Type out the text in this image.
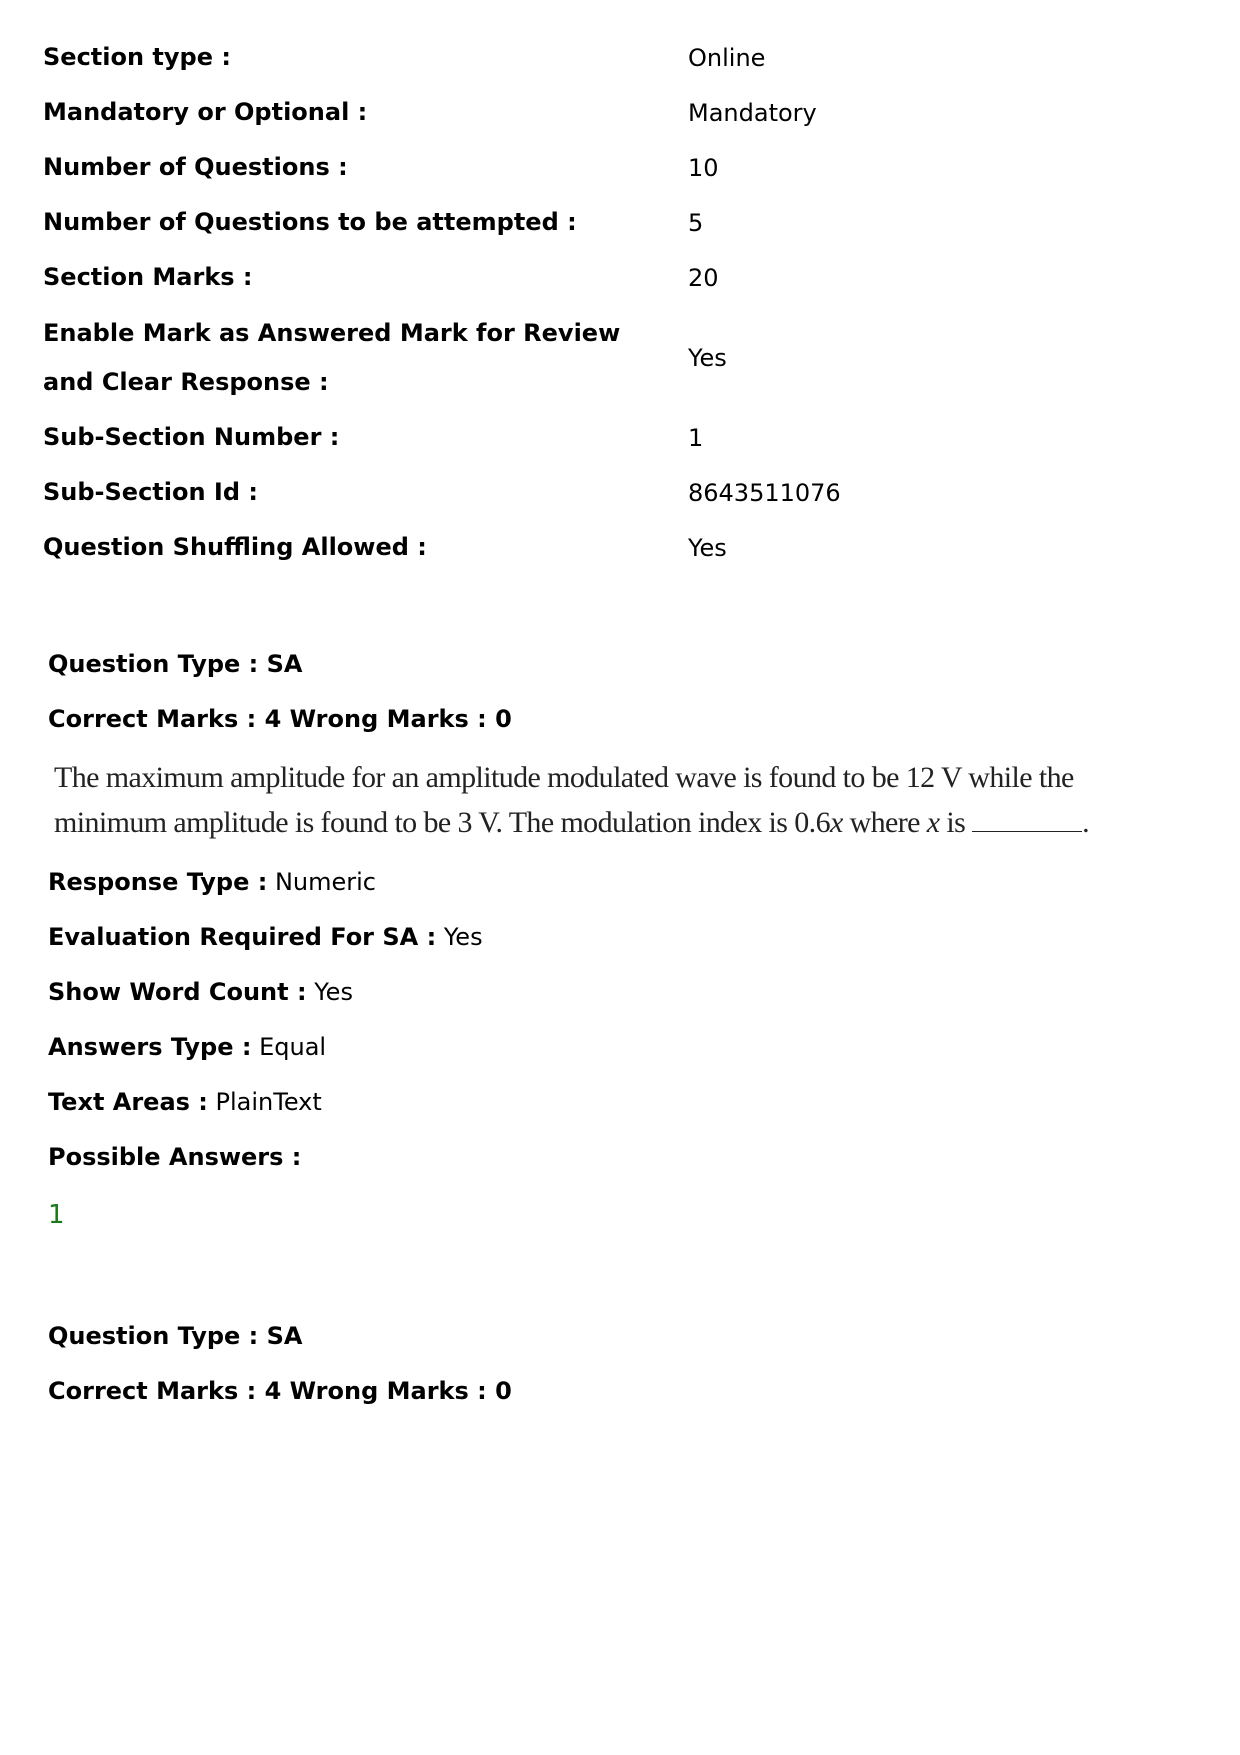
Section type :	Online
Mandatory or Optional :	Mandatory
Number of Questions :	10
Number of Questions to be attempted :	5
Section Marks :	20
Enable Mark as Answered Mark for Review and Clear Response :
Yes
Sub-Section Number :	1
Sub-Section Id :	8643511076
Question Shuffling Allowed :	Yes
Question Type : SA
Correct Marks : 4 Wrong Marks : 0
The maximum amplitude for an amplitude modulated wave is found to be 12 V while the minimum amplitude is found to be 3 V. The modulation index is 0.6x where x is	.
Response Type : Numeric
Evaluation Required For SA : Yes
Show Word Count : Yes
Answers Type : Equal
Text Areas : PlainText
Possible Answers :
1
Question Type : SA
Correct Marks : 4 Wrong Marks : 0
